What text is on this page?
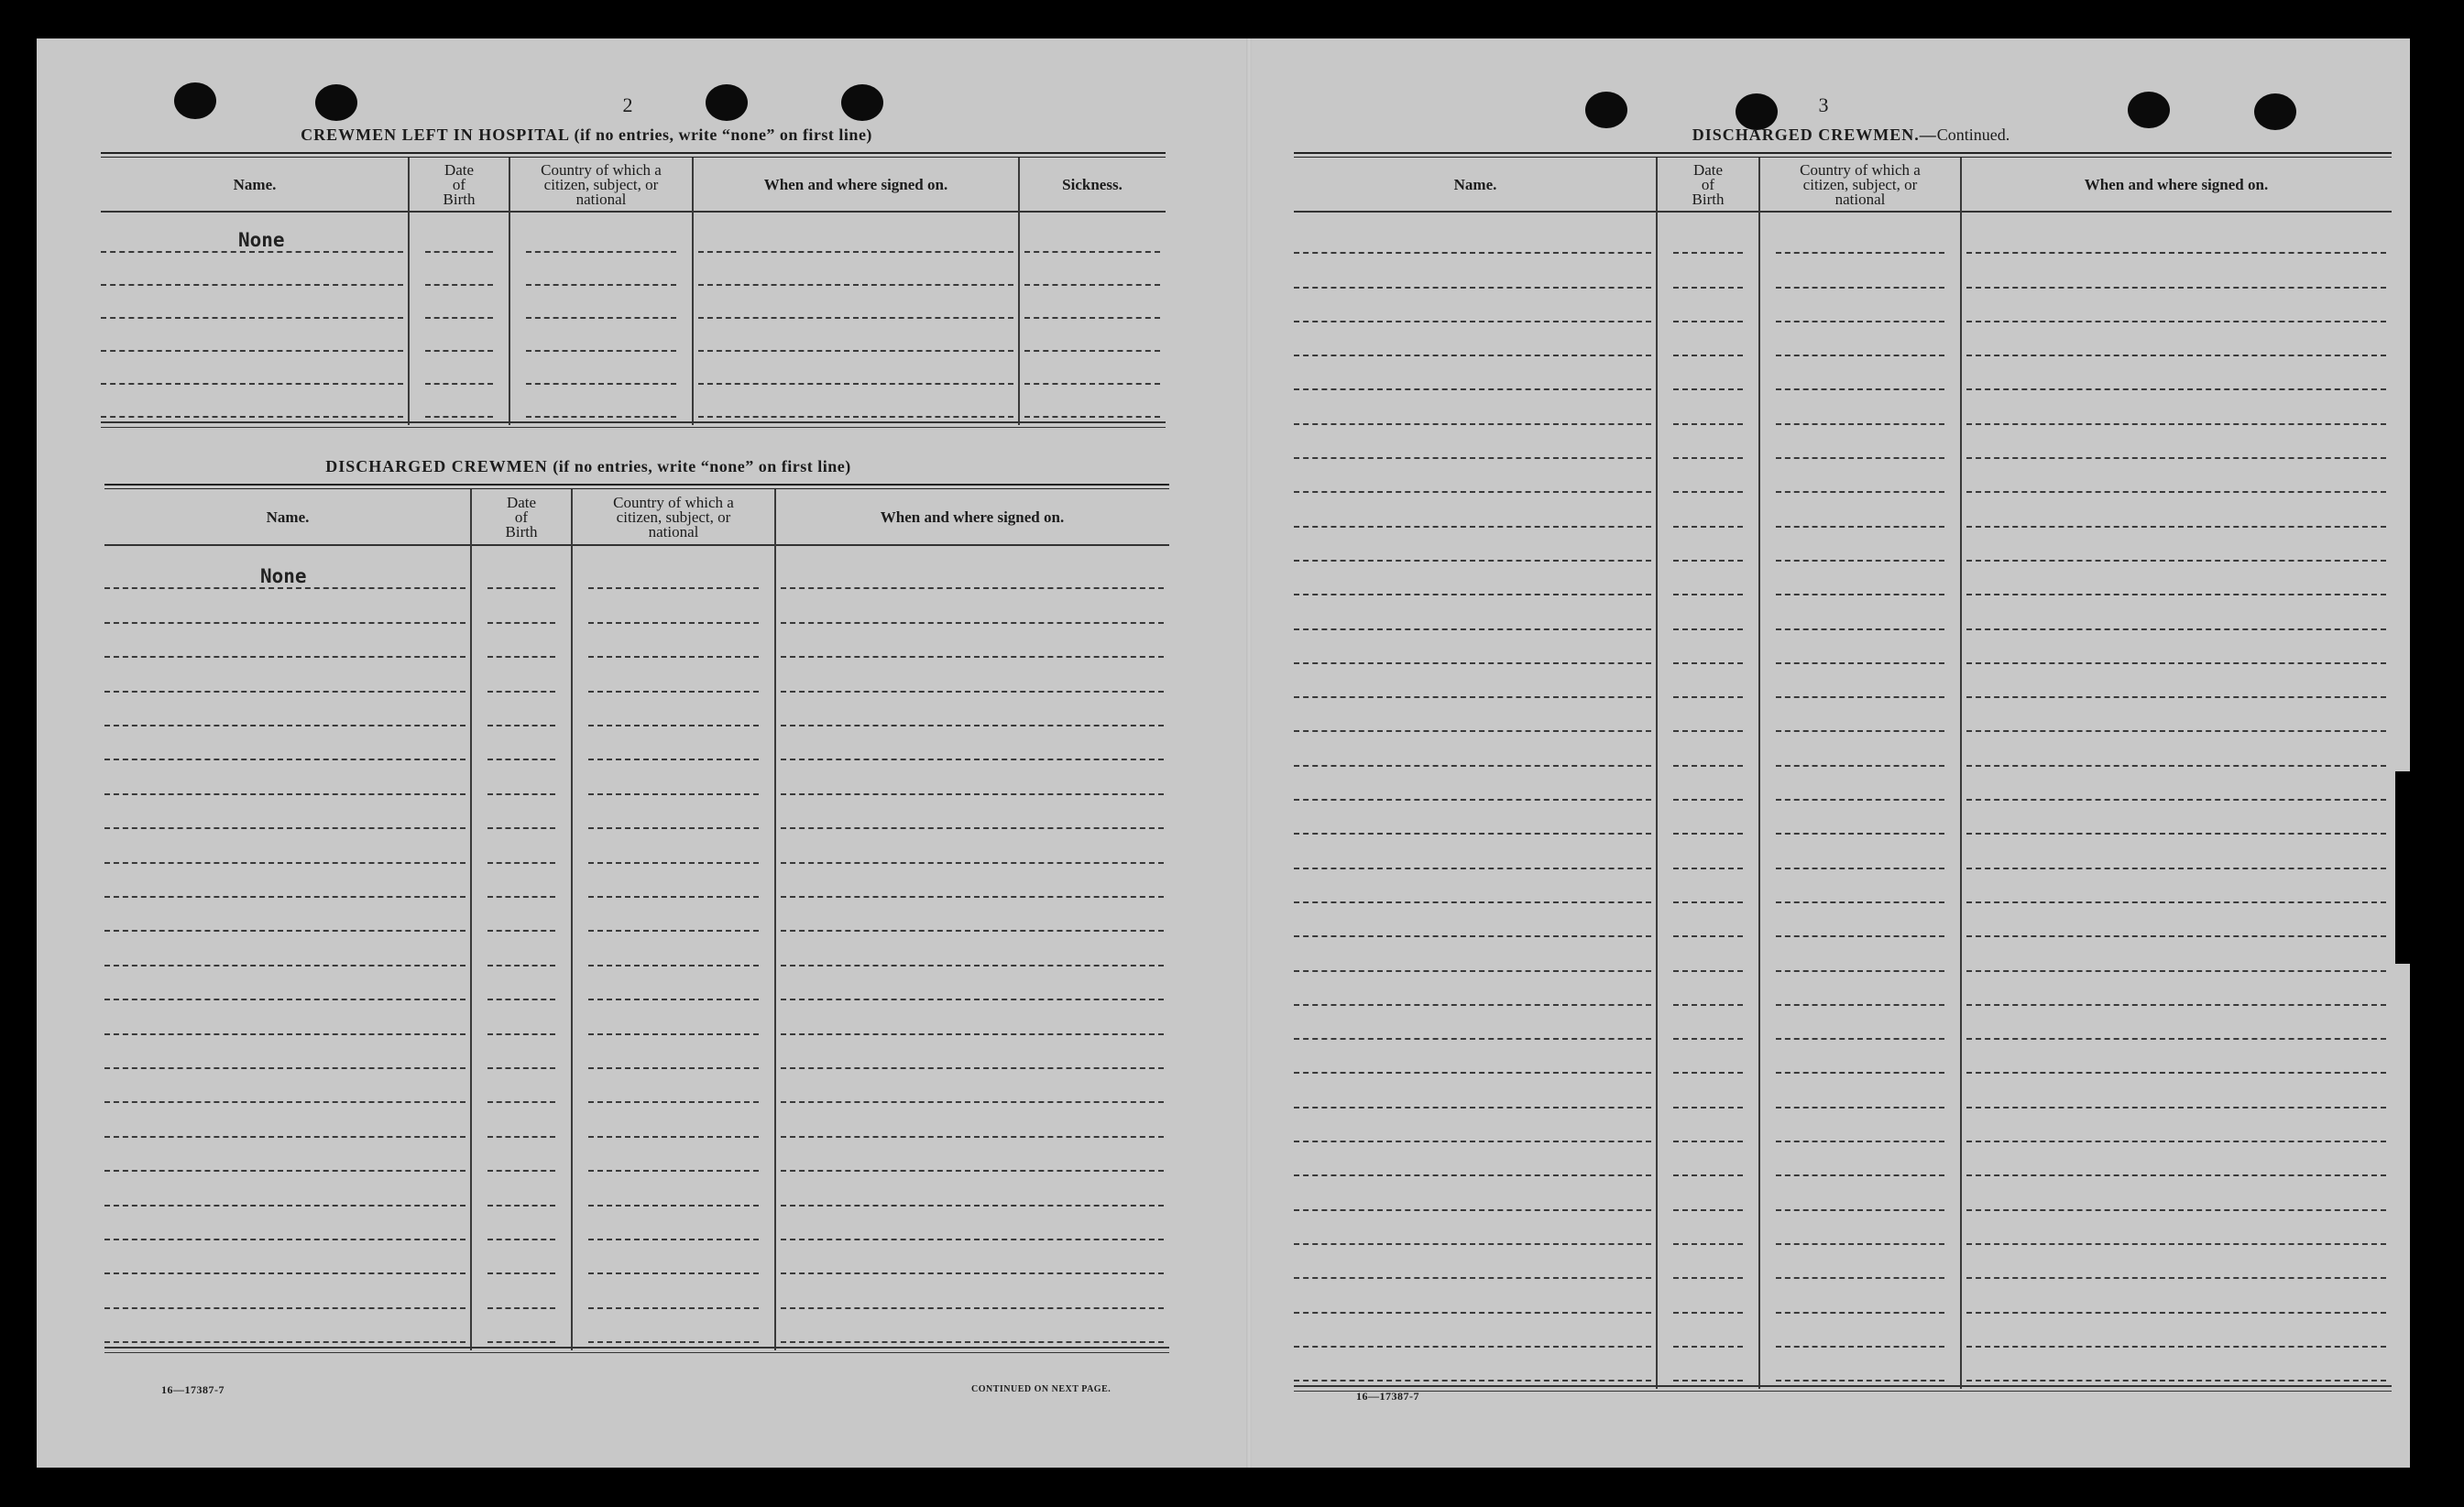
2
CREWMEN LEFT IN HOSPITAL (if no entries, write “none” on first line)
Name.
Date
of
Birth
Country of which a
citizen, subject, or
national
When and where signed on.	Sickness.
None
DISCHARGED CREWMEN (if no entries, write “none” on first line)
Name.
Date
of
Birth
Country of which a
citizen, subject, or
national
When and where signed on.
None
16—17387-7	CONTINUED ON NEXT PAGE.
3
DISCHARGED CREWMEN.—Continued.
Name.
Date
of
Birth
Country of which a
citizen, subject, or
national
When and where signed on.
16—17387-7
